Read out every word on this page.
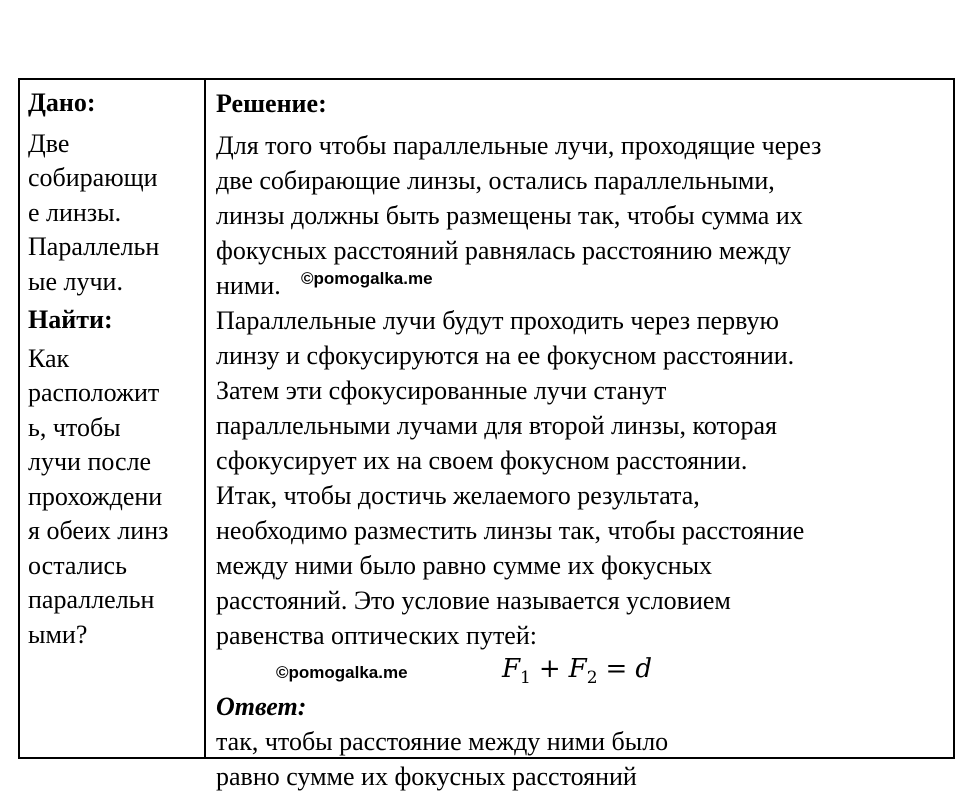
Дано:
Две
собирающи
е линзы.
Параллельн
ые лучи.
Найти:
Как
расположит
ь, чтобы
лучи после
прохождени
я обеих линз
остались
параллельн
ыми?
Решение:
Для того чтобы параллельные лучи, проходящие через
две собирающие линзы, остались параллельными,
линзы должны быть размещены так, чтобы сумма их
фокусных расстояний равнялась расстоянию между
ними.
Параллельные лучи будут проходить через первую
линзу и сфокусируются на ее фокусном расстоянии.
Затем эти сфокусированные лучи станут
параллельными лучами для второй линзы, которая
сфокусирует их на своем фокусном расстоянии.
Итак, чтобы достичь желаемого результата,
необходимо разместить линзы так, чтобы расстояние
между ними было равно сумме их фокусных
расстояний. Это условие называется условием
равенства оптических путей:
©pomogalka.me	$F_1 + F_2 = d$
Ответ:
так, чтобы расстояние между ними было
равно сумме их фокусных расстояний
©pomogalka.me
